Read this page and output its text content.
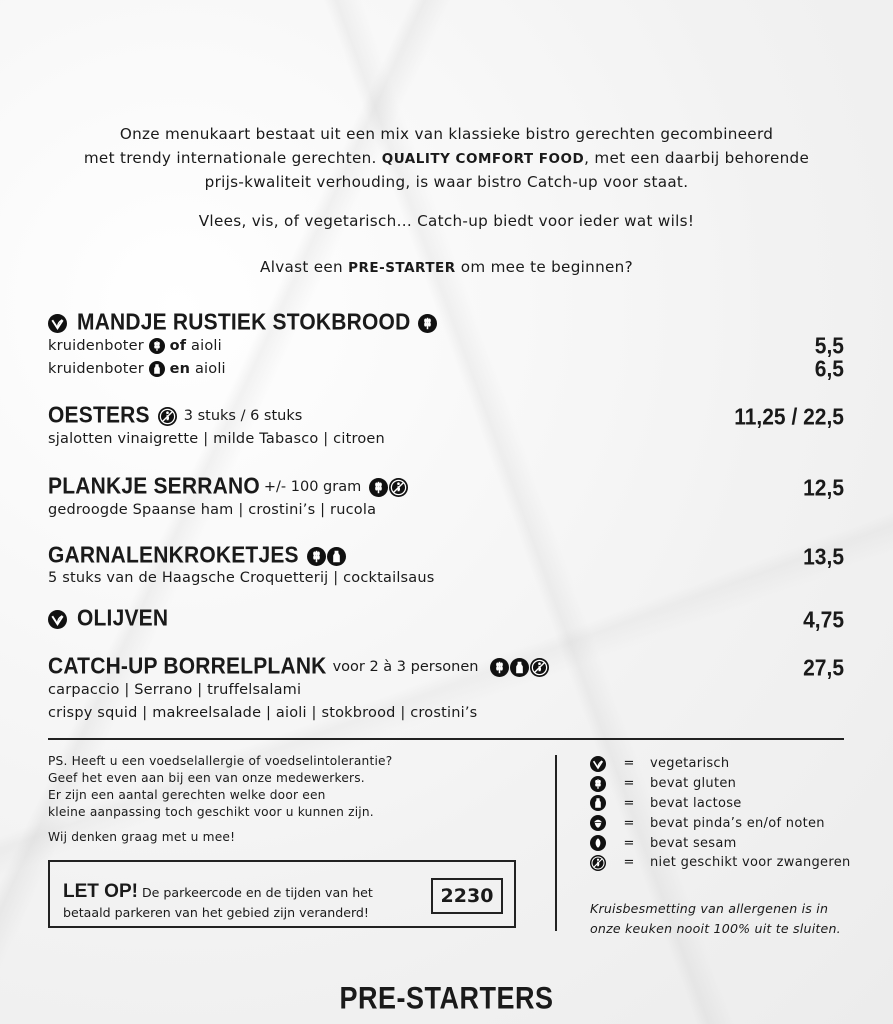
Onze menukaart bestaat uit een mix van klassieke bistro gerechten gecombineerd
met trendy internationale gerechten. QUALITY COMFORT FOOD, met een daarbij behorende
prijs-kwaliteit verhouding, is waar bistro Catch-up voor staat.
Vlees, vis, of vegetarisch... Catch-up biedt voor ieder wat wils!
Alvast een PRE-STARTER om mee te beginnen?
MANDJE RUSTIEK STOKBROOD
kruidenboter of aioli
kruidenboter en aioli
5,5
6,5
OESTERS 3 stuks / 6 stuks
sjalotten vinaigrette | milde Tabasco | citroen
11,25 / 22,5
PLANKJE SERRANO +/- 100 gram
gedroogde Spaanse ham | crostini’s | rucola
12,5
GARNALENKROKETJES
5 stuks van de Haagsche Croquetterij | cocktailsaus
13,5
OLIJVEN	4,75
CATCH-UP BORRELPLANK voor 2 à 3 personen
carpaccio | Serrano | truffelsalami
crispy squid | makreelsalade | aioli | stokbrood | crostini’s
27,5
PS. Heeft u een voedselallergie of voedselintolerantie?
Geef het even aan bij een van onze medewerkers.
Er zijn een aantal gerechten welke door een
kleine aanpassing toch geschikt voor u kunnen zijn.
Wij denken graag met u mee!
LET OP! De parkeercode en de tijden van het
betaald parkeren van het gebied zijn veranderd!
2230
=	vegetarisch
=	bevat gluten
=	bevat lactose
=	bevat pinda’s en/of noten
=	bevat sesam
=	niet geschikt voor zwangeren
Kruisbesmetting van allergenen is in
onze keuken nooit 100% uit te sluiten.
PRE-STARTERS
